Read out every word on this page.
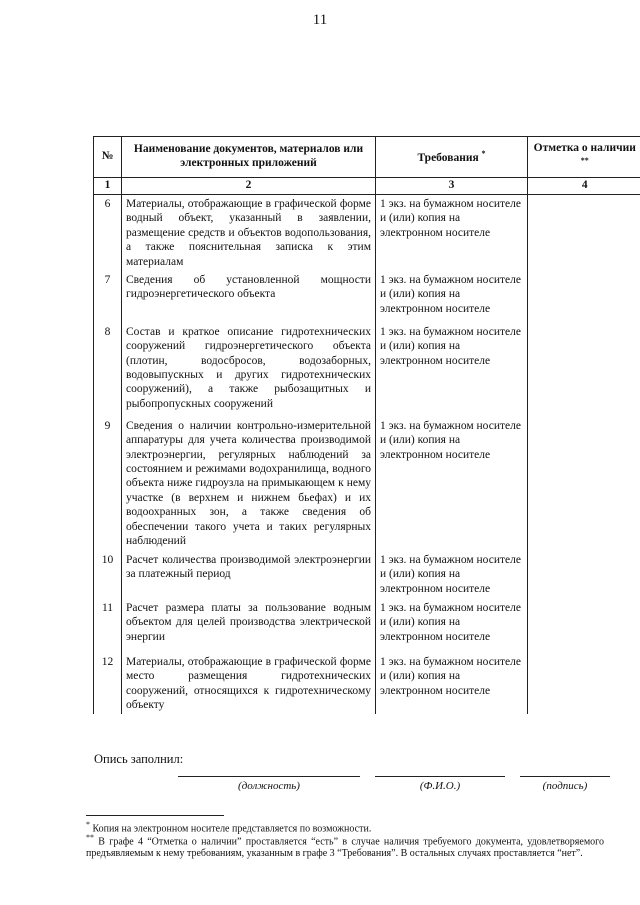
11
№	Наименование документов, материалов или электронных приложений	Требования *	Отметка о наличии **
1	2	3	4
6	Материалы, отображающие в графической форме водный объект, указанный в заявлении, размещение средств и объектов водопользования, а также пояснительная записка к этим материалам	1 экз. на бумажном носителе и (или) копия на электронном носителе	
7	Сведения об установленной мощности гидроэнергетического объекта	1 экз. на бумажном носителе и (или) копия на электронном носителе	
8	Состав и краткое описание гидротехнических сооружений гидроэнергетического объекта (плотин, водосбросов, водозаборных, водовыпускных и других гидротехнических сооружений), а также рыбозащитных и рыбопропускных сооружений	1 экз. на бумажном носителе и (или) копия на электронном носителе	
9	Сведения о наличии контрольно-измерительной аппаратуры для учета количества производимой электроэнергии, регулярных наблюдений за состоянием и режимами водохранилища, водного объекта ниже гидроузла на примыкающем к нему участке (в верхнем и нижнем бьефах) и их водоохранных зон, а также сведения об обеспечении такого учета и таких регулярных наблюдений	1 экз. на бумажном носителе и (или) копия на электронном носителе	
10	Расчет количества производимой электроэнергии за платежный период	1 экз. на бумажном носителе и (или) копия на электронном носителе	
11	Расчет размера платы за пользование водным объектом для целей производства электрической энергии	1 экз. на бумажном носителе и (или) копия на электронном носителе	
12	Материалы, отображающие в графической форме место размещения гидротехнических сооружений, относящихся к гидротехническому объекту	1 экз. на бумажном носителе и (или) копия на электронном носителе	
Опись заполнил:
(должность)	(Ф.И.О.)	(подпись)
* Копия на электронном носителе представляется по возможности.
** В графе 4 “Отметка о наличии” проставляется “есть” в случае наличия требуемого документа, удовлетворяемого предъявляемым к нему требованиям, указанным в графе 3 “Требования”. В остальных случаях проставляется “нет”.
